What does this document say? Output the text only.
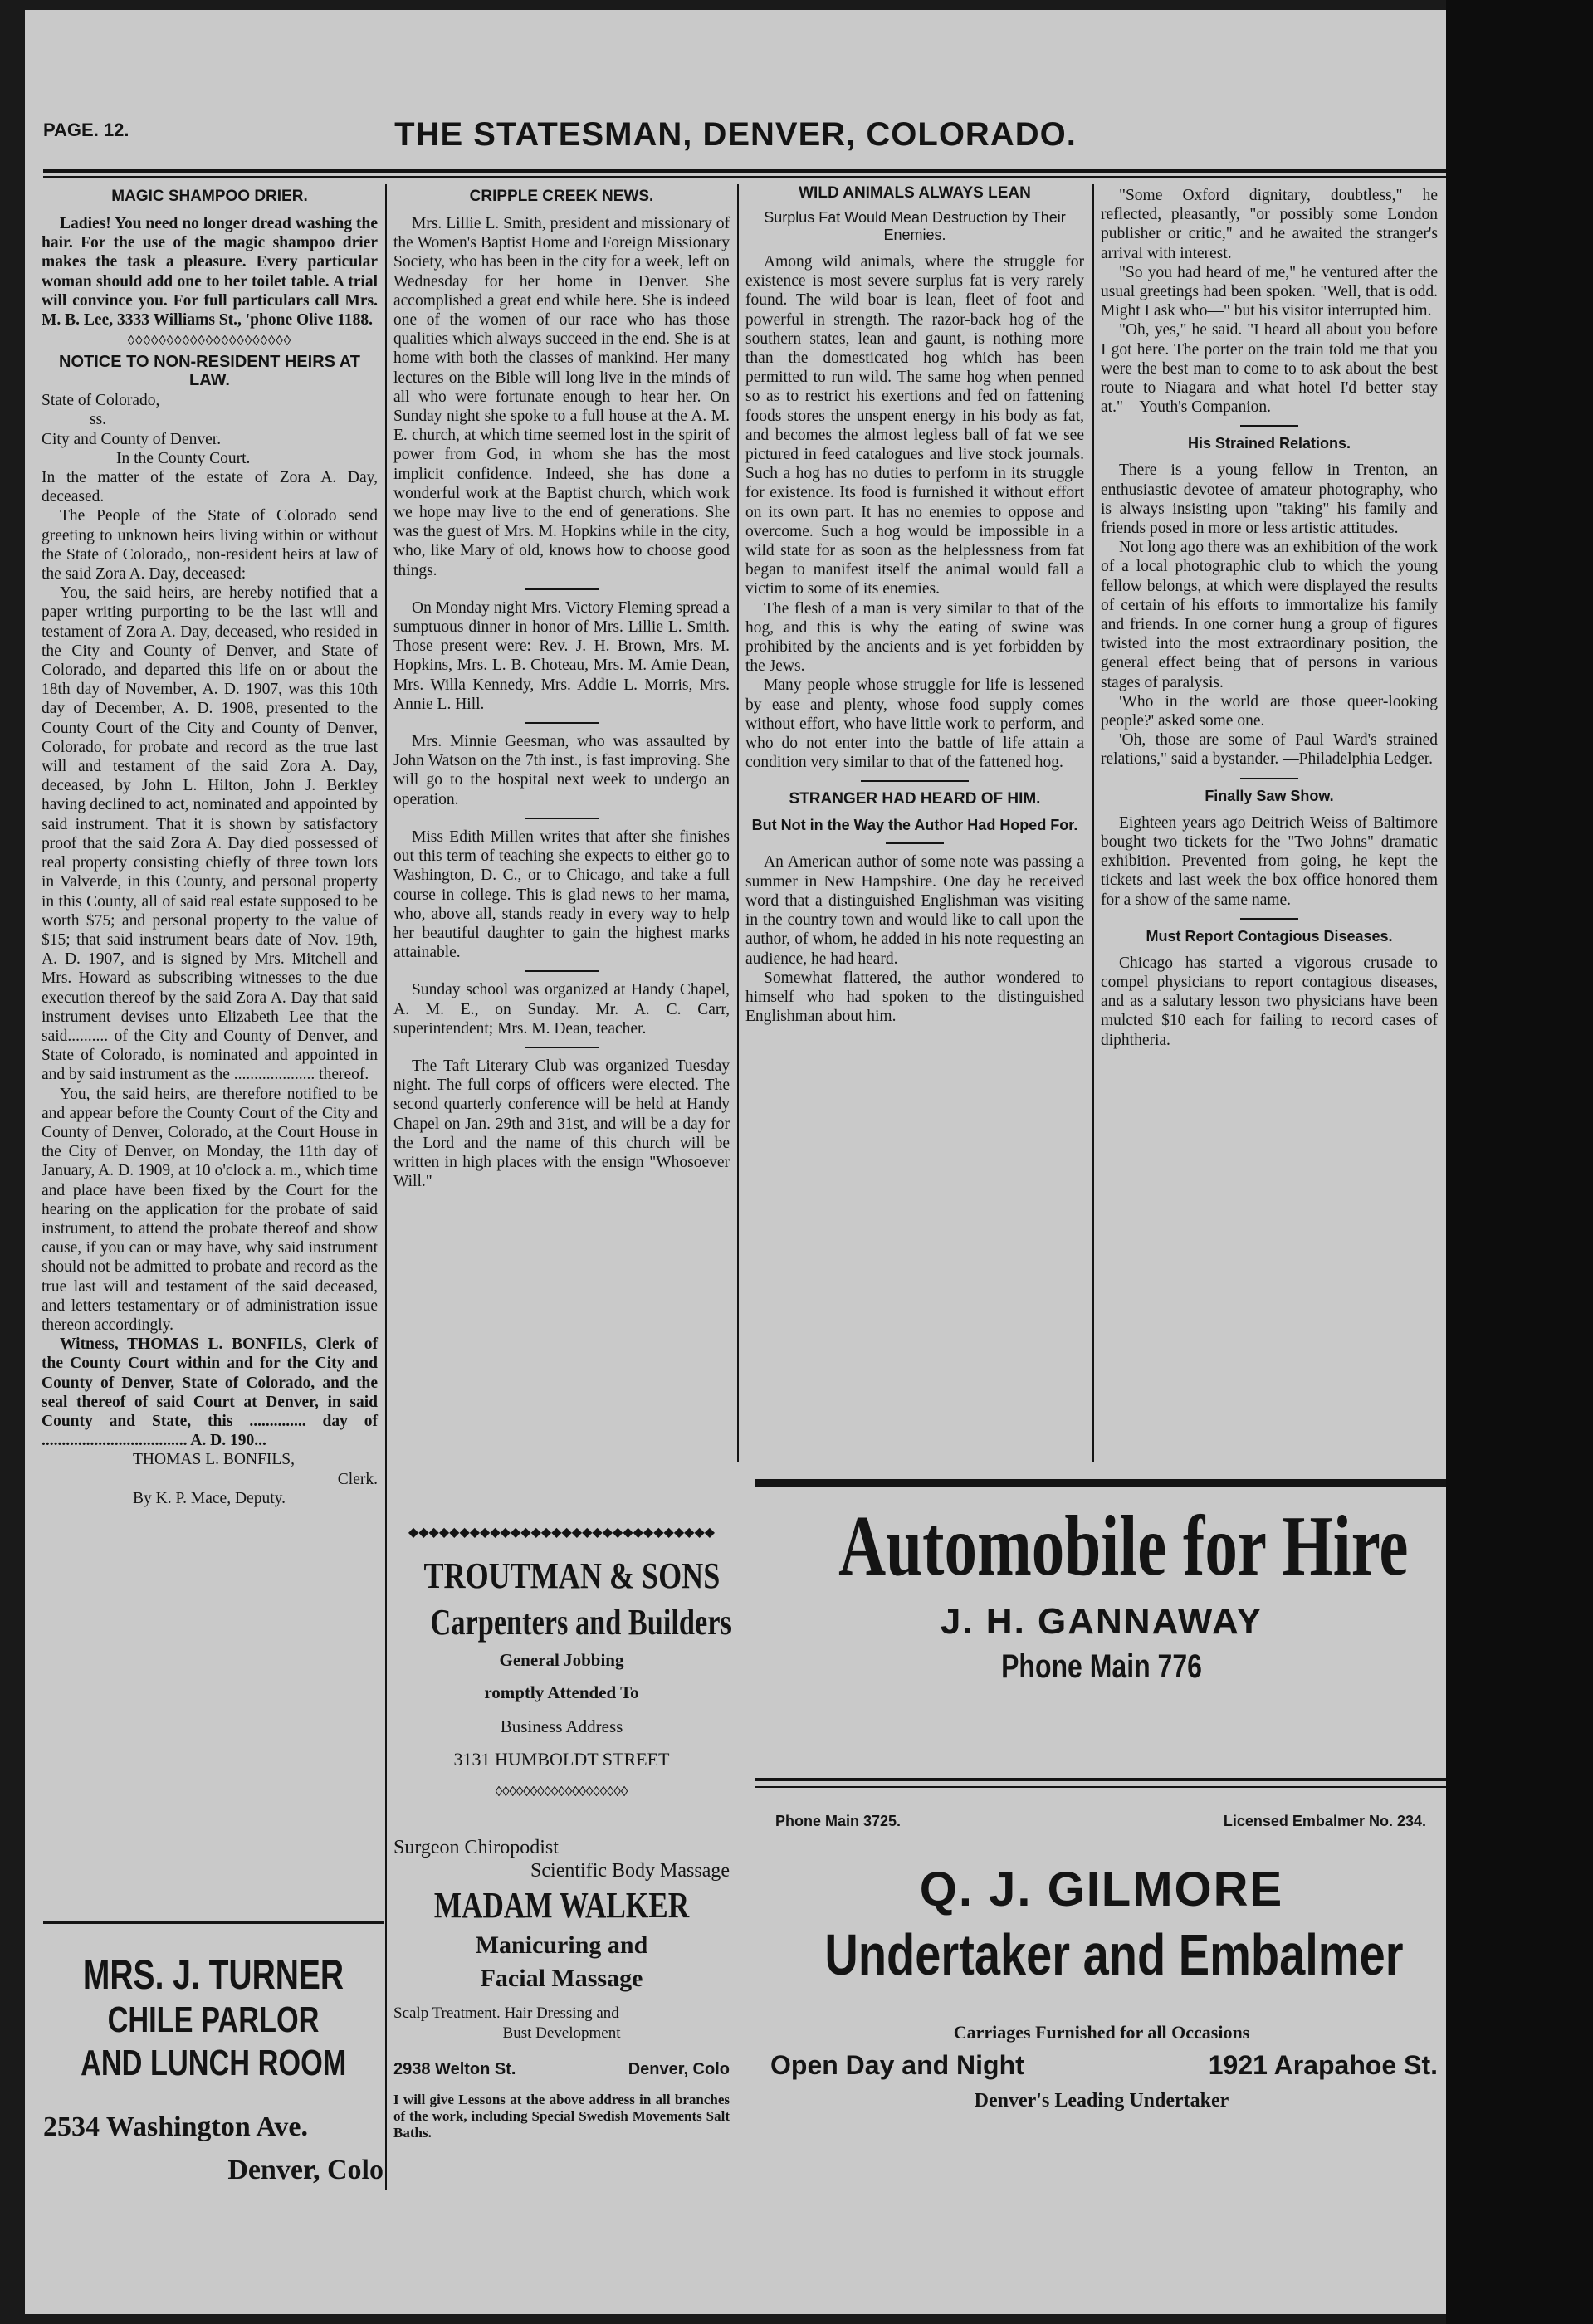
PAGE. 12.	THE STATESMAN, DENVER, COLORADO.

MAGIC SHAMPOO DRIER.

Ladies! You need no longer dread washing the hair. For the use of the magic shampoo drier makes the task a pleasure. Every particular woman should add one to her toilet table. A trial will convince you. For full particulars call Mrs. M. B. Lee, 3333 Williams St., 'phone Olive 1188.

◊◊◊◊◊◊◊◊◊◊◊◊◊◊◊◊◊◊◊◊◊

NOTICE TO NON-RESIDENT HEIRS AT LAW.

State of Colorado,

ss.

City and County of Denver.

In the County Court.

In the matter of the estate of Zora A. Day, deceased.

The People of the State of Colorado send greeting to unknown heirs living within or without the State of Colorado,, non-resident heirs at law of the said Zora A. Day, deceased:

You, the said heirs, are hereby notified that a paper writing purporting to be the last will and testament of Zora A. Day, deceased, who resided in the City and County of Denver, and State of Colorado, and departed this life on or about the 18th day of November, A. D. 1907, was this 10th day of December, A. D. 1908, presented to the County Court of the City and County of Denver, Colorado, for probate and record as the true last will and testament of the said Zora A. Day, deceased, by John L. Hilton, John J. Berkley having declined to act, nominated and appointed by said instrument. That it is shown by satisfactory proof that the said Zora A. Day died possessed of real property consisting chiefly of three town lots in Valverde, in this County, and personal property in this County, all of said real estate supposed to be worth $75; and personal property to the value of $15; that said instrument bears date of Nov. 19th, A. D. 1907, and is signed by Mrs. Mitchell and Mrs. Howard as subscribing witnesses to the due execution thereof by the said Zora A. Day that said instrument devises unto Elizabeth Lee that the said.......... of the City and County of Denver, and State of Colorado, is nominated and appointed in and by said instrument as the .................... thereof.

You, the said heirs, are therefore notified to be and appear before the County Court of the City and County of Denver, Colorado, at the Court House in the City of Denver, on Monday, the 11th day of January, A. D. 1909, at 10 o'clock a. m., which time and place have been fixed by the Court for the hearing on the application for the probate of said instrument, to attend the probate thereof and show cause, if you can or may have, why said instrument should not be admitted to probate and record as the true last will and testament of the said deceased, and letters testamentary or of administration issue thereon accordingly.

Witness, THOMAS L. BONFILS, Clerk of the County Court within and for the City and County of Denver, State of Colorado, and the seal thereof of said Court at Denver, in said County and State, this .............. day of .................................... A. D. 190...

THOMAS L. BONFILS,

Clerk.

By K. P. Mace, Deputy.

MRS. J. TURNER
CHILE PARLOR
AND LUNCH ROOM
2534 Washington Ave.
Denver, Colo

CRIPPLE CREEK NEWS.

Mrs. Lillie L. Smith, president and missionary of the Women's Baptist Home and Foreign Missionary Society, who has been in the city for a week, left on Wednesday for her home in Denver. She accomplished a great end while here. She is indeed one of the women of our race who has those qualities which always succeed in the end. She is at home with both the classes of mankind. Her many lectures on the Bible will long live in the minds of all who were fortunate enough to hear her. On Sunday night she spoke to a full house at the A. M. E. church, at which time seemed lost in the spirit of power from God, in whom she has the most implicit confidence. Indeed, she has done a wonderful work at the Baptist church, which work we hope may live to the end of generations. She was the guest of Mrs. M. Hopkins while in the city, who, like Mary of old, knows how to choose good things.

On Monday night Mrs. Victory Fleming spread a sumptuous dinner in honor of Mrs. Lillie L. Smith. Those present were: Rev. J. H. Brown, Mrs. M. Hopkins, Mrs. L. B. Choteau, Mrs. M. Amie Dean, Mrs. Willa Kennedy, Mrs. Addie L. Morris, Mrs. Annie L. Hill.

Mrs. Minnie Geesman, who was assaulted by John Watson on the 7th inst., is fast improving. She will go to the hospital next week to undergo an operation.

Miss Edith Millen writes that after she finishes out this term of teaching she expects to either go to Washington, D. C., or to Chicago, and take a full course in college. This is glad news to her mama, who, above all, stands ready in every way to help her beautiful daughter to gain the highest marks attainable.

Sunday school was organized at Handy Chapel, A. M. E., on Sunday. Mr. A. C. Carr, superintendent; Mrs. M. Dean, teacher.

The Taft Literary Club was organized Tuesday night. The full corps of officers were elected. The second quarterly conference will be held at Handy Chapel on Jan. 29th and 31st, and will be a day for the Lord and the name of this church will be written in high places with the ensign "Whosoever Will."

◆◆◆◆◆◆◆◆◆◆◆◆◆◆◆◆◆◆◆◆◆◆◆◆◆◆◆◆◆◆
TROUTMAN & SONS
Carpenters and Builders
General Jobbing
romptly Attended To
Business Address
3131 HUMBOLDT STREET
◊◊◊◊◊◊◊◊◊◊◊◊◊◊◊◊◊◊◊
Surgeon Chiropodist
Scientific Body Massage
MADAM WALKER
Manicuring and
Facial Massage
Scalp Treatment. Hair Dressing and
Bust Development
2938 Welton St.	Denver, Colo
I will give Lessons at the above address in all branches of the work, including Special Swedish Movements Salt Baths.

WILD ANIMALS ALWAYS LEAN

Surplus Fat Would Mean Destruction by Their Enemies.

Among wild animals, where the struggle for existence is most severe surplus fat is very rarely found. The wild boar is lean, fleet of foot and powerful in strength. The razor-back hog of the southern states, lean and gaunt, is nothing more than the domesticated hog which has been permitted to run wild. The same hog when penned so as to restrict his exertions and fed on fattening foods stores the unspent energy in his body as fat, and becomes the almost legless ball of fat we see pictured in feed catalogues and live stock journals. Such a hog has no duties to perform in its struggle for existence. Its food is furnished it without effort on its own part. It has no enemies to oppose and overcome. Such a hog would be impossible in a wild state for as soon as the helplessness from fat began to manifest itself the animal would fall a victim to some of its enemies.

The flesh of a man is very similar to that of the hog, and this is why the eating of swine was prohibited by the ancients and is yet forbidden by the Jews.

Many people whose struggle for life is lessened by ease and plenty, whose food supply comes without effort, who have little work to perform, and who do not enter into the battle of life attain a condition very similar to that of the fattened hog.

STRANGER HAD HEARD OF HIM.

But Not in the Way the Author Had Hoped For.

An American author of some note was passing a summer in New Hampshire. One day he received word that a distinguished Englishman was visiting in the country town and would like to call upon the author, of whom, he added in his note requesting an audience, he had heard.

Somewhat flattered, the author wondered to himself who had spoken to the distinguished Englishman about him.

"Some Oxford dignitary, doubtless," he reflected, pleasantly, "or possibly some London publisher or critic," and he awaited the stranger's arrival with interest.

"So you had heard of me," he ventured after the usual greetings had been spoken. "Well, that is odd. Might I ask who—" but his visitor interrupted him.

"Oh, yes," he said. "I heard all about you before I got here. The porter on the train told me that you were the best man to come to to ask about the best route to Niagara and what hotel I'd better stay at."—Youth's Companion.

His Strained Relations.

There is a young fellow in Trenton, an enthusiastic devotee of amateur photography, who is always insisting upon "taking" his family and friends posed in more or less artistic attitudes.

Not long ago there was an exhibition of the work of a local photographic club to which the young fellow belongs, at which were displayed the results of certain of his efforts to immortalize his family and friends. In one corner hung a group of figures twisted into the most extraordinary position, the general effect being that of persons in various stages of paralysis.

'Who in the world are those queer-looking people?' asked some one.

'Oh, those are some of Paul Ward's strained relations," said a bystander. —Philadelphia Ledger.

Finally Saw Show.

Eighteen years ago Deitrich Weiss of Baltimore bought two tickets for the "Two Johns" dramatic exhibition. Prevented from going, he kept the tickets and last week the box office honored them for a show of the same name.

Must Report Contagious Diseases.

Chicago has started a vigorous crusade to compel physicians to report contagious diseases, and as a salutary lesson two physicians have been mulcted $10 each for failing to record cases of diphtheria.

Automobile for Hire
J. H. GANNAWAY
Phone Main 776
Phone Main 3725.	Licensed Embalmer No. 234.
Q. J. GILMORE
Undertaker and Embalmer
Carriages Furnished for all Occasions
Open Day and Night	1921 Arapahoe St.
Denver's Leading Undertaker
